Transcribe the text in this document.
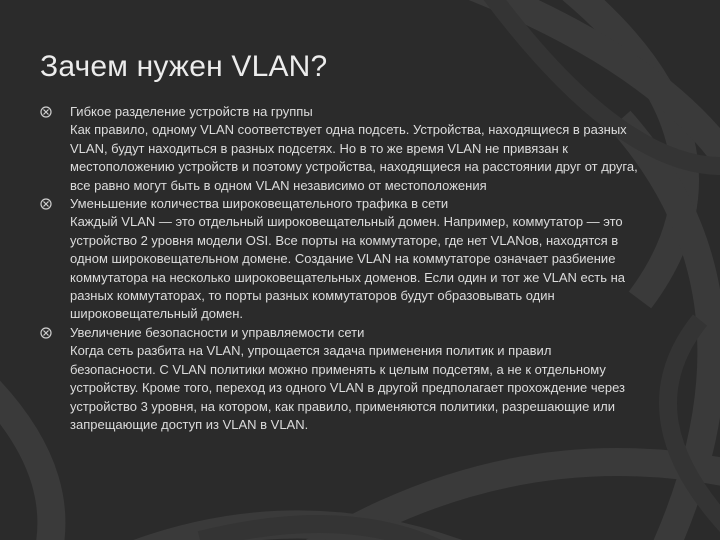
Зачем нужен VLAN?
Гибкое разделение устройств на группы
Как правило, одному VLAN соответствует одна подсеть. Устройства, находящиеся в разных VLAN, будут находиться в разных подсетях. Но в то же время VLAN не привязан к местоположению устройств и поэтому устройства, находящиеся на расстоянии друг от друга, все равно могут быть в одном VLAN независимо от местоположения
Уменьшение количества широковещательного трафика в сети
Каждый VLAN — это отдельный широковещательный домен. Например, коммутатор — это устройство 2 уровня модели OSI. Все порты на коммутаторе, где нет VLANов, находятся в одном широковещательном домене. Создание VLAN на коммутаторе означает разбиение коммутатора на несколько широковещательных доменов. Если один и тот же VLAN есть на разных коммутаторах, то порты разных коммутаторов будут образовывать один широковещательный домен.
Увеличение безопасности и управляемости сети
Когда сеть разбита на VLAN, упрощается задача применения политик и правил безопасности. С VLAN политики можно применять к целым подсетям, а не к отдельному устройству. Кроме того, переход из одного VLAN в другой предполагает прохождение через устройство 3 уровня, на котором, как правило, применяются политики, разрешающие или запрещающие доступ из VLAN в VLAN.
